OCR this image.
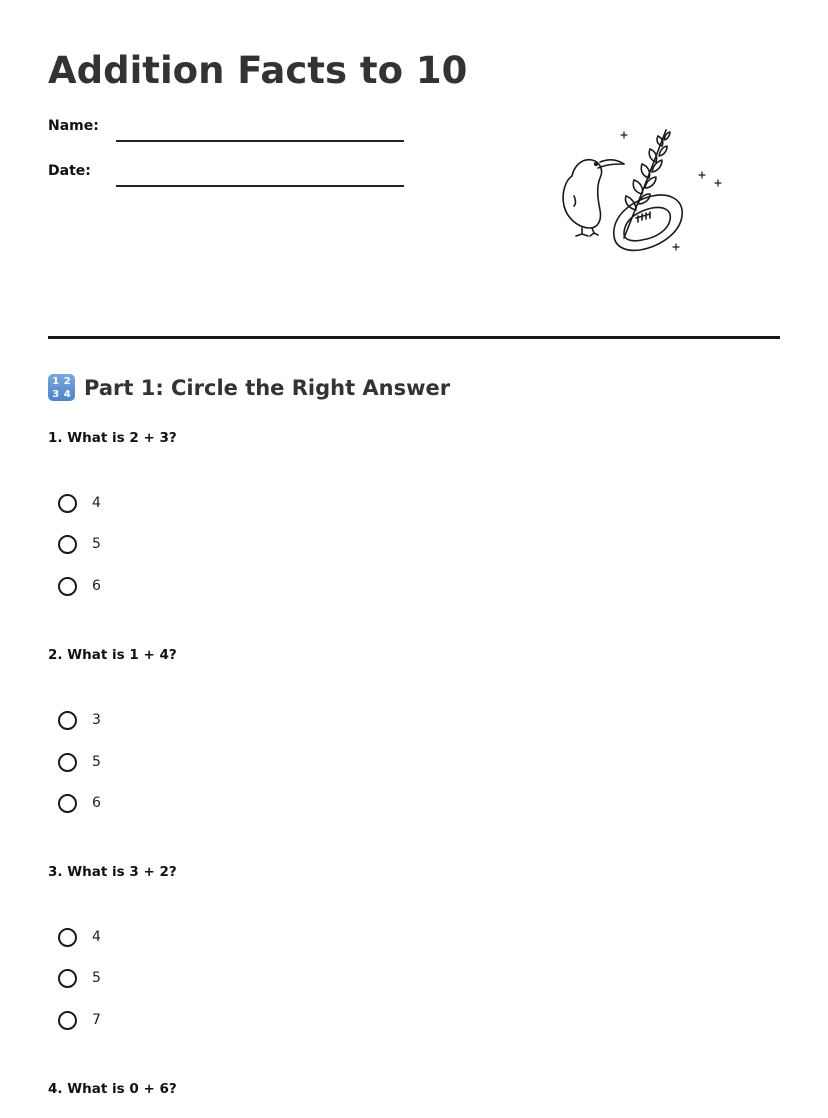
Addition Facts to 10
Name:
Date:
1 2
3 4 Part 1: Circle the Right Answer
1. What is 2 + 3?
4
5
6
2. What is 1 + 4?
3
5
6
3. What is 3 + 2?
4
5
7
4. What is 0 + 6?
